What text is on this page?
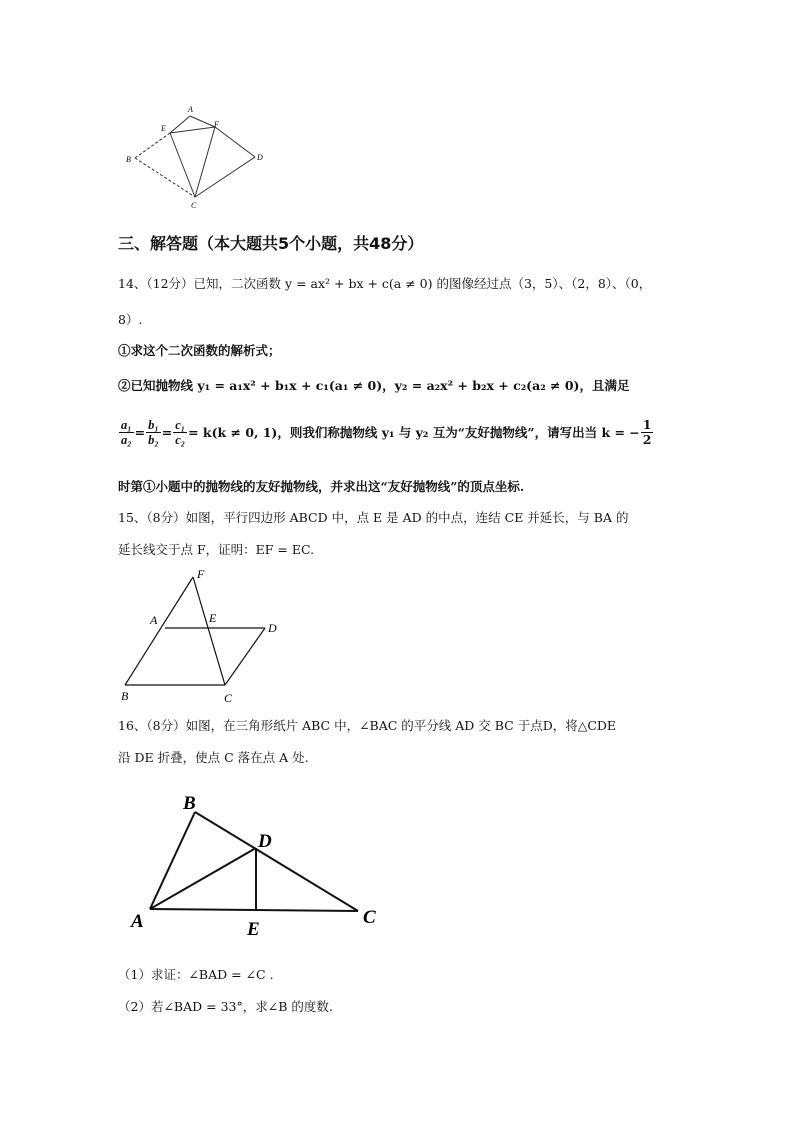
A
E	F
B	D
C
三、解答题（本大题共5个小题，共48分）
14、（12分）已知，二次函数 y = ax² + bx + c(a ≠ 0) 的图像经过点（3，5）、（2，8）、（0，
8）.
①求这个二次函数的解析式；
②已知抛物线 y₁ = a₁x² + b₁x + c₁(a₁ ≠ 0)，y₂ = a₂x² + b₂x + c₂(a₂ ≠ 0)，且满足
$\frac{\text{a₁}}{\text{a₂}} = \frac{\text{b₁}}{\text{b₂}} = \frac{\text{c₁}}{\text{c₂}} = k(k \ne 0$, 1)，则我们称抛物线 y₁ 与 y₂ 互为“友好抛物线”，请写出当 k = − $\frac{1}{2}$
时第①小题中的抛物线的友好抛物线，并求出这“友好抛物线”的顶点坐标.
15、（8分）如图，平行四边形 ABCD 中，点 E 是 AD 的中点，连结 CE 并延长，与 BA 的
延长线交于点 F，证明：EF = EC.
F
A	E
D
B	C
16、（8分）如图，在三角形纸片 ABC 中，∠BAC 的平分线 AD 交 BC 于点D，将△CDE
沿 DE 折叠，使点 C 落在点 A 处.
B
D
A	E
C
（1）求证：∠BAD = ∠C .
（2）若∠BAD = 33°，求∠B 的度数.
